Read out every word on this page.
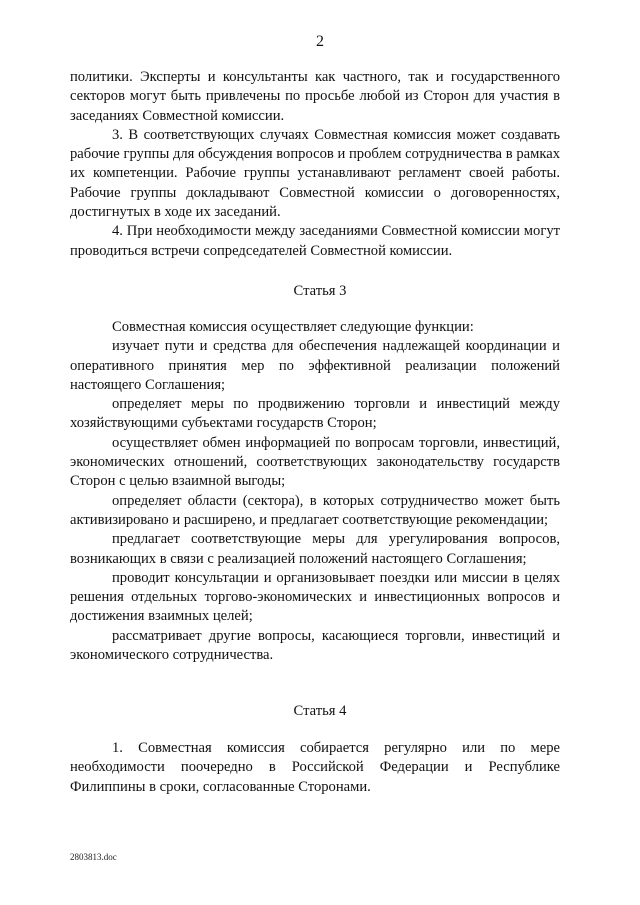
2

политики. Эксперты и консультанты как частного, так и государственного секторов могут быть привлечены по просьбе любой из Сторон для участия в заседаниях Совместной комиссии.

3. В соответствующих случаях Совместная комиссия может создавать рабочие группы для обсуждения вопросов и проблем сотрудничества в рамках их компетенции. Рабочие группы устанавливают регламент своей работы. Рабочие группы докладывают Совместной комиссии о договоренностях, достигнутых в ходе их заседаний.

4. При необходимости между заседаниями Совместной комиссии могут проводиться встречи сопредседателей Совместной комиссии.

Статья 3

Совместная комиссия осуществляет следующие функции:

изучает пути и средства для обеспечения надлежащей координации и оперативного принятия мер по эффективной реализации положений настоящего Соглашения;

определяет меры по продвижению торговли и инвестиций между хозяйствующими субъектами государств Сторон;

осуществляет обмен информацией по вопросам торговли, инвестиций, экономических отношений, соответствующих законодательству государств Сторон с целью взаимной выгоды;

определяет области (сектора), в которых сотрудничество может быть активизировано и расширено, и предлагает соответствующие рекомендации;

предлагает соответствующие меры для урегулирования вопросов, возникающих в связи с реализацией положений настоящего Соглашения;

проводит консультации и организовывает поездки или миссии в целях решения отдельных торгово-экономических и инвестиционных вопросов и достижения взаимных целей;

рассматривает другие вопросы, касающиеся торговли, инвестиций и экономического сотрудничества.

Статья 4

1. Совместная комиссия собирается регулярно или по мере необходимости поочередно в Российской Федерации и Республике Филиппины в сроки, согласованные Сторонами.

2803813.doc
